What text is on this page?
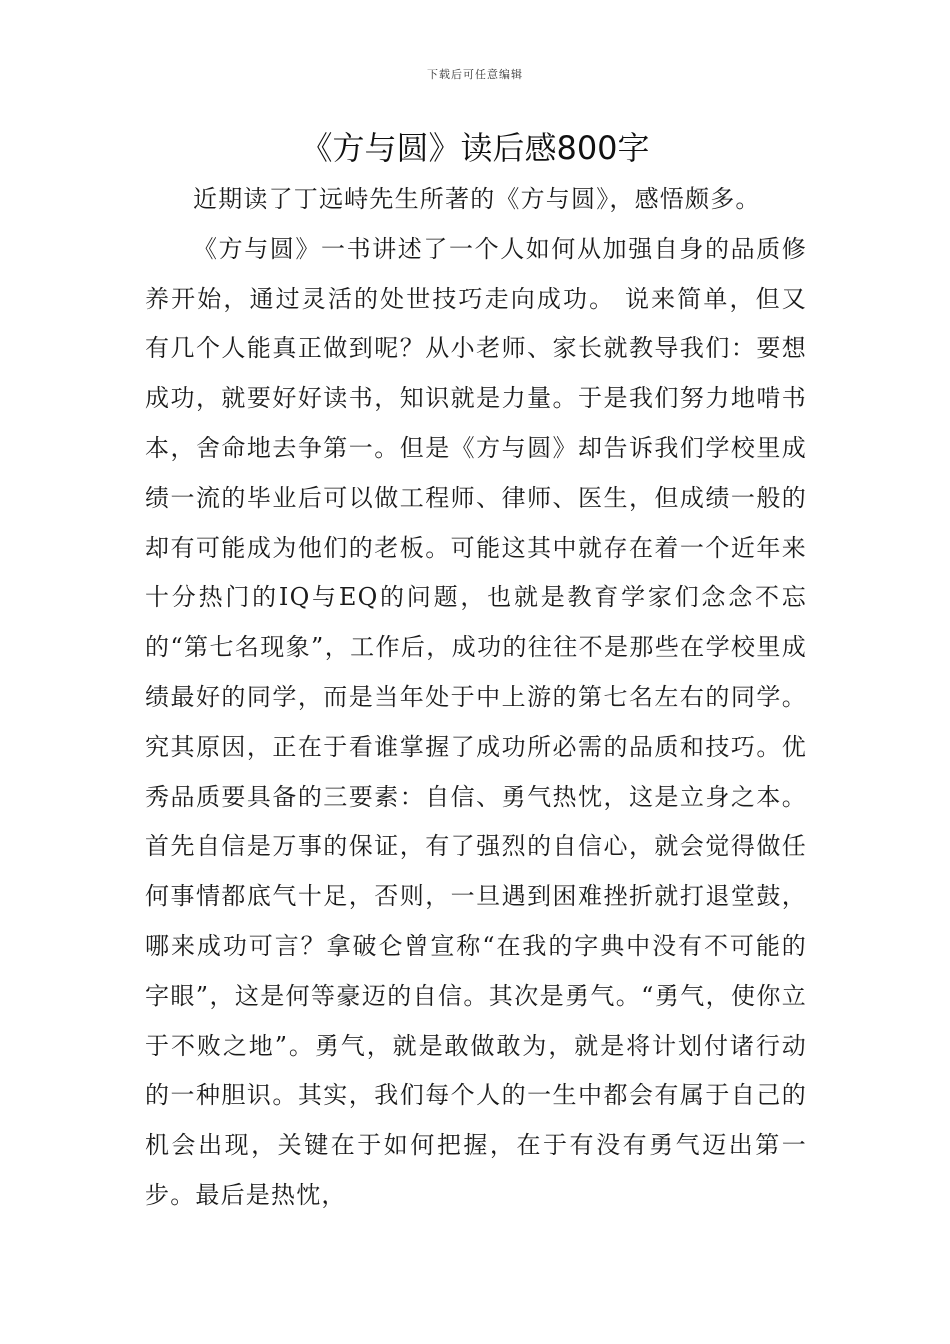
下载后可任意编辑
《方与圆》读后感800字

近期读了丁远峙先生所著的《方与圆》，感悟颇多。

《方与圆》一书讲述了一个人如何从加强自身的品质修养开始，通过灵活的处世技巧走向成功。 说来简单，但又有几个人能真正做到呢？从小老师、家长就教导我们：要想成功，就要好好读书，知识就是力量。于是我们努力地啃书本，舍命地去争第一。但是《方与圆》却告诉我们学校里成绩一流的毕业后可以做工程师、律师、医生，但成绩一般的却有可能成为他们的老板。可能这其中就存在着一个近年来十分热门的IQ与EQ的问题，也就是教育学家们念念不忘的“第七名现象”，工作后，成功的往往不是那些在学校里成绩最好的同学，而是当年处于中上游的第七名左右的同学。究其原因，正在于看谁掌握了成功所必需的品质和技巧。优秀品质要具备的三要素：自信、勇气热忱，这是立身之本。首先自信是万事的保证，有了强烈的自信心，就会觉得做任何事情都底气十足，否则，一旦遇到困难挫折就打退堂鼓，哪来成功可言？拿破仑曾宣称“在我的字典中没有不可能的字眼”，这是何等豪迈的自信。其次是勇气。“勇气，使你立于不败之地”。勇气，就是敢做敢为，就是将计划付诸行动的一种胆识。其实，我们每个人的一生中都会有属于自己的机会出现，关键在于如何把握，在于有没有勇气迈出第一步。最后是热忱，
